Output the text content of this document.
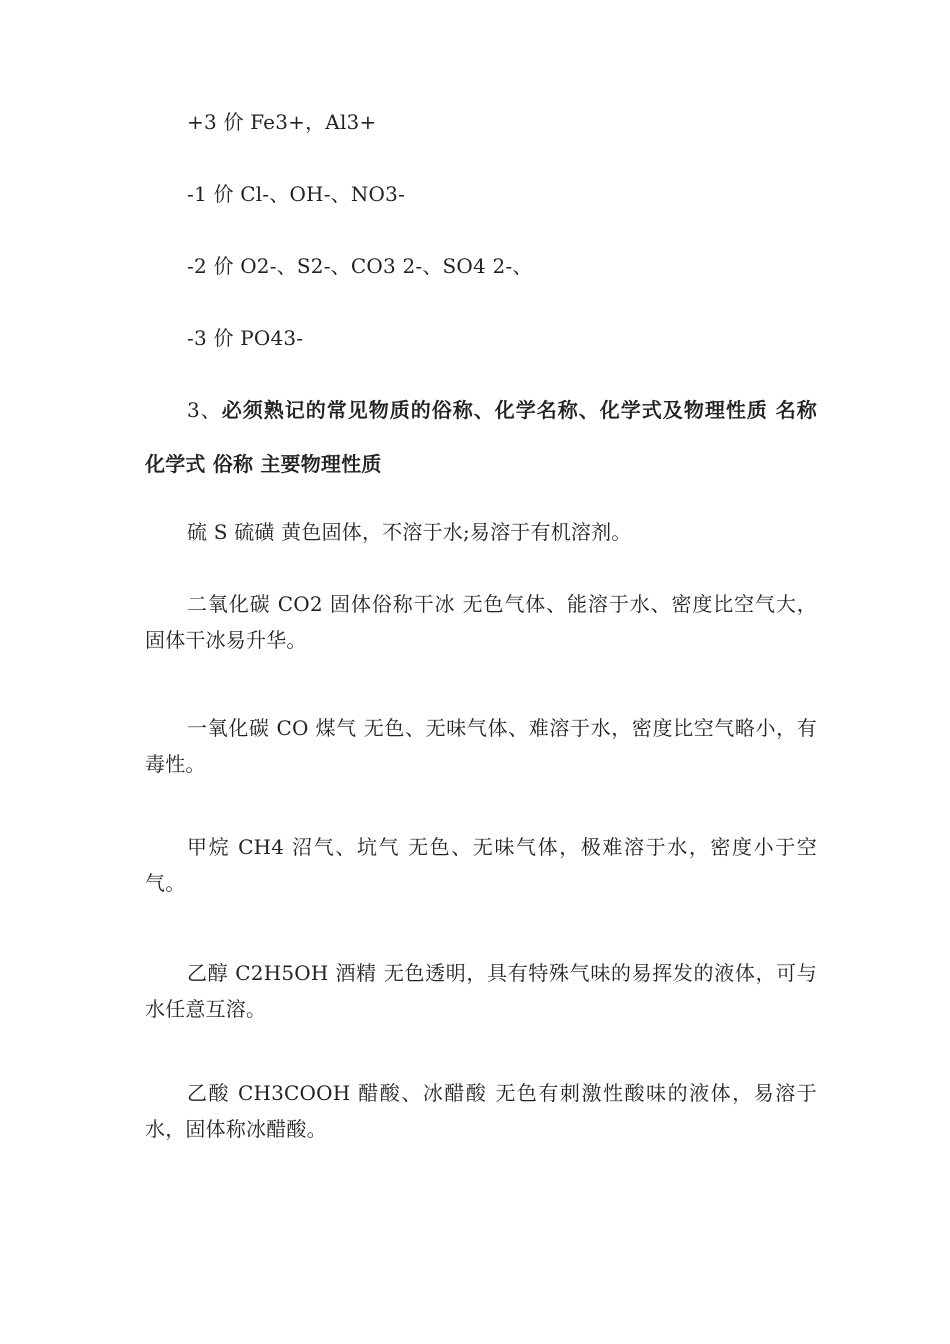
+3 价 Fe3+，Al3+

-1 价 Cl-、OH-、NO3-

-2 价 O2-、S2-、CO3 2-、SO4 2-、

-3 价 PO43-

3、必须熟记的常见物质的俗称、化学名称、化学式及物理性质 名称 化学式 俗称 主要物理性质

硫 S 硫磺 黄色固体，不溶于水;易溶于有机溶剂。

二氧化碳 CO2 固体俗称干冰 无色气体、能溶于水、密度比空气大，固体干冰易升华。

一氧化碳 CO 煤气 无色、无味气体、难溶于水，密度比空气略小，有毒性。

甲烷 CH4 沼气、坑气 无色、无味气体，极难溶于水，密度小于空气。

乙醇 C2H5OH 酒精 无色透明，具有特殊气味的易挥发的液体，可与水任意互溶。

乙酸 CH3COOH 醋酸、冰醋酸 无色有刺激性酸味的液体，易溶于水，固体称冰醋酸。
